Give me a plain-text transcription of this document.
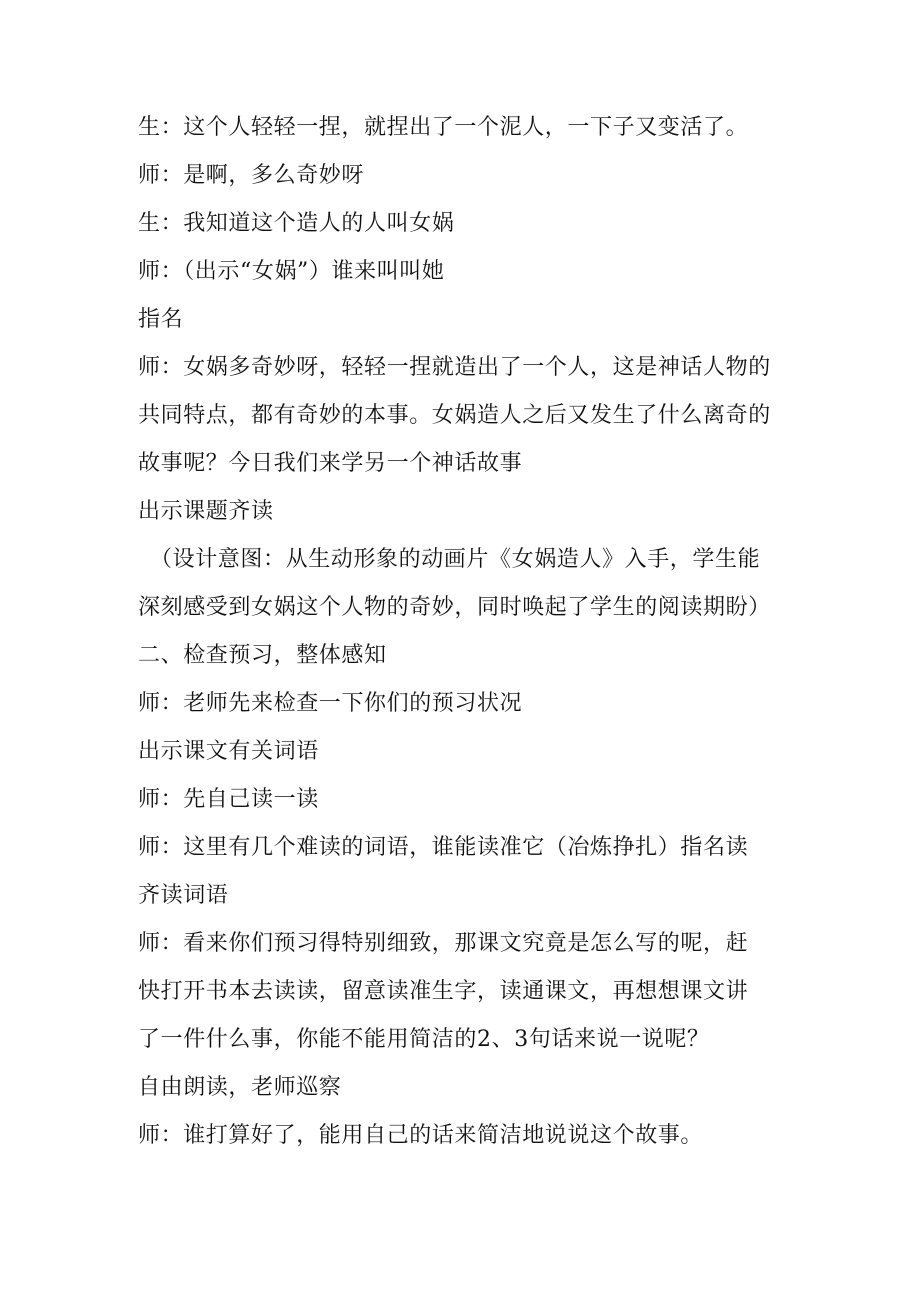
生：这个人轻轻一捏，就捏出了一个泥人，一下子又变活了。
师：是啊，多么奇妙呀
生：我知道这个造人的人叫女娲
师：（出示“女娲”）谁来叫叫她
指名
师：女娲多奇妙呀，轻轻一捏就造出了一个人，这是神话人物的
共同特点，都有奇妙的本事。女娲造人之后又发生了什么离奇的
故事呢？今日我们来学另一个神话故事
出示课题齐读
（设计意图：从生动形象的动画片《女娲造人》入手，学生能
深刻感受到女娲这个人物的奇妙，同时唤起了学生的阅读期盼）
二、检查预习，整体感知
师：老师先来检查一下你们的预习状况
出示课文有关词语
师：先自己读一读
师：这里有几个难读的词语，谁能读准它（冶炼挣扎）指名读
齐读词语
师：看来你们预习得特别细致，那课文究竟是怎么写的呢，赶
快打开书本去读读，留意读准生字，读通课文，再想想课文讲
了一件什么事，你能不能用简洁的2、3句话来说一说呢？
自由朗读，老师巡察
师：谁打算好了，能用自己的话来简洁地说说这个故事。
